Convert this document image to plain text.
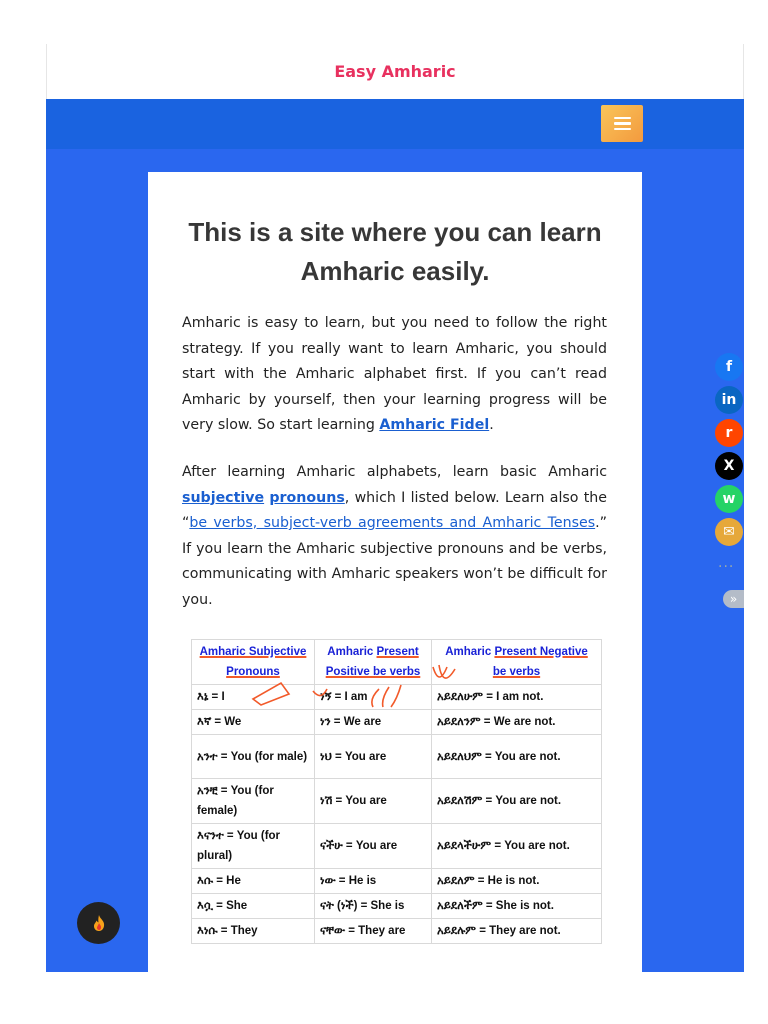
Easy Amharic
This is a site where you can learn Amharic easily.

Amharic is easy to learn, but you need to follow the right strategy. If you really want to learn Amharic, you should start with the Amharic alphabet first. If you can’t read Amharic by yourself, then your learning progress will be very slow. So start learning Amharic Fidel.

After learning Amharic alphabets, learn basic Amharic subjective pronouns, which I listed below. Learn also the “be verbs, subject-verb agreements and Amharic Tenses.” If you learn the Amharic subjective pronouns and be verbs, communicating with Amharic speakers won’t be difficult for you.

Amharic Subjective Pronouns	Amharic Present Positive be verbs	Amharic Present Negative be verbs
እኔ = I	ነኝ = I am	አይደለሁም = I am not.
እኛ = We	ነን = We are	አይደለንም = We are not.
አንተ = You (for male)	ነህ = You are	አይደለህም = You are not.
አንቺ = You (for female)	ነሽ = You are	አይደለሽም = You are not.
እናንተ = You (for plural)	ናችሁ = You are	አይደላችሁም = You are not.
እሱ = He	ነው = He is	አይደለም = He is not.
እሷ = She	ናት (ነች) = She is	አይደለችም = She is not.
እነሱ = They	ናቸው = They are	አይደሉም = They are not.
···
»
f
in
r
X
w
✉
